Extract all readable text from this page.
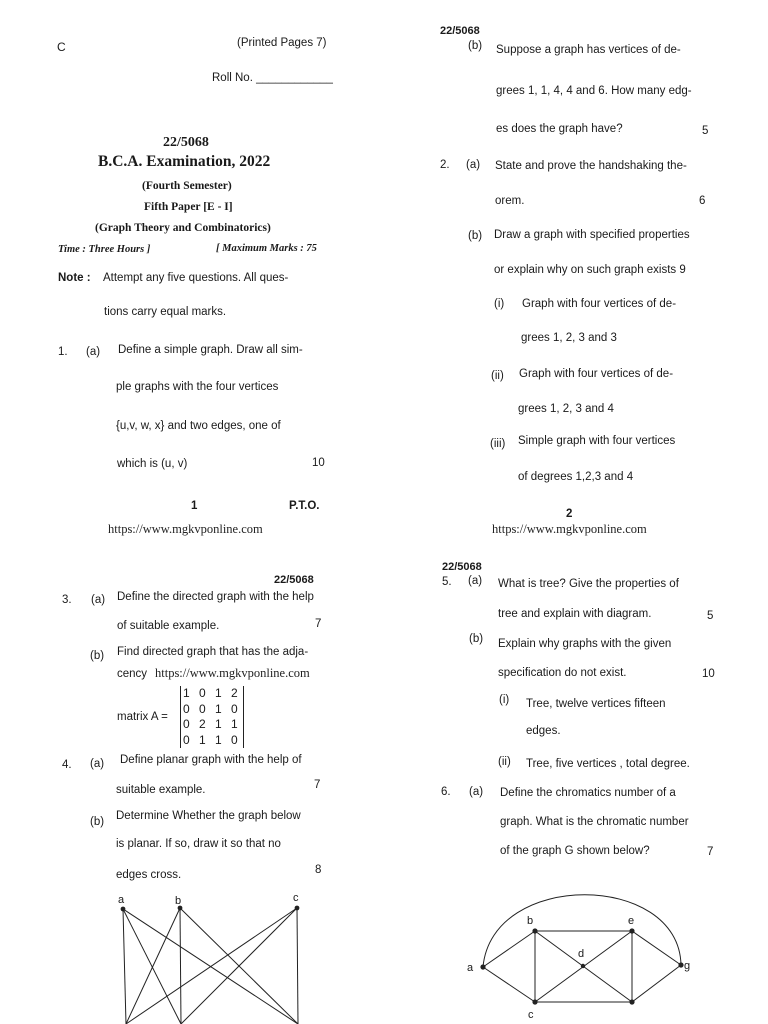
C	(Printed Pages 7)
Roll No. ____________
22/5068
B.C.A. Examination, 2022
(Fourth Semester)
Fifth Paper [E - I]
(Graph Theory and Combinatorics)
Time : Three Hours ]	[ Maximum Marks : 75
Note : Attempt any five questions. All ques-
tions carry equal marks.
1. (a) Define a simple graph. Draw all sim-
ple graphs with the four vertices
{u,v, w, x} and two edges, one of
which is (u, v)	10
1	P.T.O.
https://www.mgkvponline.com
22/5068
(b) Suppose a graph has vertices of de-
grees 1, 1, 4, 4 and 6. How many edg-
es does the graph have?	5
2. (a) State and prove the handshaking the-
orem.	6
(b) Draw a graph with specified properties
or explain why on such graph exists 9
(i) Graph with four vertices of de-
grees 1, 2, 3 and 3
(ii) Graph with four vertices of de-
grees 1, 2, 3 and 4
(iii) Simple graph with four vertices
of degrees 1,2,3 and 4
2
https://www.mgkvponline.com
22/5068
3. (a) Define the directed graph with the help
of suitable example.	7
(b) Find directed graph that has the adja-
cency https://www.mgkvponline.com
matrix A =
1 0 1 2
0 0 1 0
0 2 1 1
0 1 1 0
4. (a) Define planar graph with the help of
suitable example.	7
(b) Determine Whether the graph below
is planar. If so, draw it so that no
edges cross.	8
a	b	c
22/5068
5. (a) What is tree? Give the properties of
tree and explain with diagram.	5
(b) Explain why graphs with the given
specification do not exist.	10
(i) Tree, twelve vertices fifteen
edges.
(ii) Tree, five vertices , total degree.
6. (a) Define the chromatics number of a
graph. What is the chromatic number
of the graph G shown below?	7
a
b
c
d
e
g
